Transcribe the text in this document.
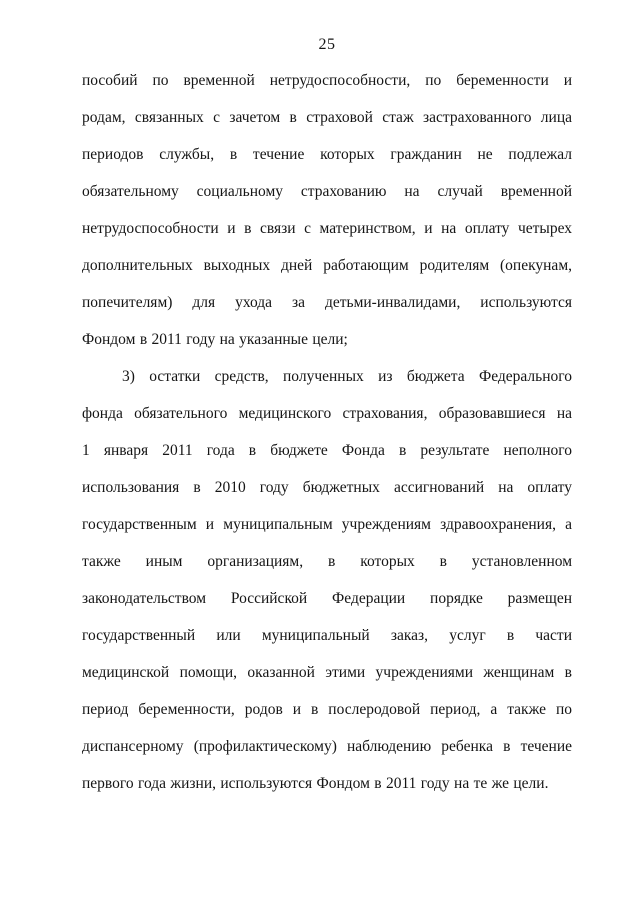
25
пособий по временной нетрудоспособности, по беременности и
родам, связанных с зачетом в страховой стаж застрахованного лица
периодов службы, в течение которых гражданин не подлежал
обязательному социальному страхованию на случай временной
нетрудоспособности и в связи с материнством, и на оплату четырех
дополнительных выходных дней работающим родителям (опекунам,
попечителям) для ухода за детьми-инвалидами, используются
Фондом в 2011 году на указанные цели;
3) остатки средств, полученных из бюджета Федерального
фонда обязательного медицинского страхования, образовавшиеся на
1 января 2011 года в бюджете Фонда в результате неполного
использования в 2010 году бюджетных ассигнований на оплату
государственным и муниципальным учреждениям здравоохранения, а
также иным организациям, в которых в установленном
законодательством Российской Федерации порядке размещен
государственный или муниципальный заказ, услуг в части
медицинской помощи, оказанной этими учреждениями женщинам в
период беременности, родов и в послеродовой период, а также по
диспансерному (профилактическому) наблюдению ребенка в течение
первого года жизни, используются Фондом в 2011 году на те же цели.
